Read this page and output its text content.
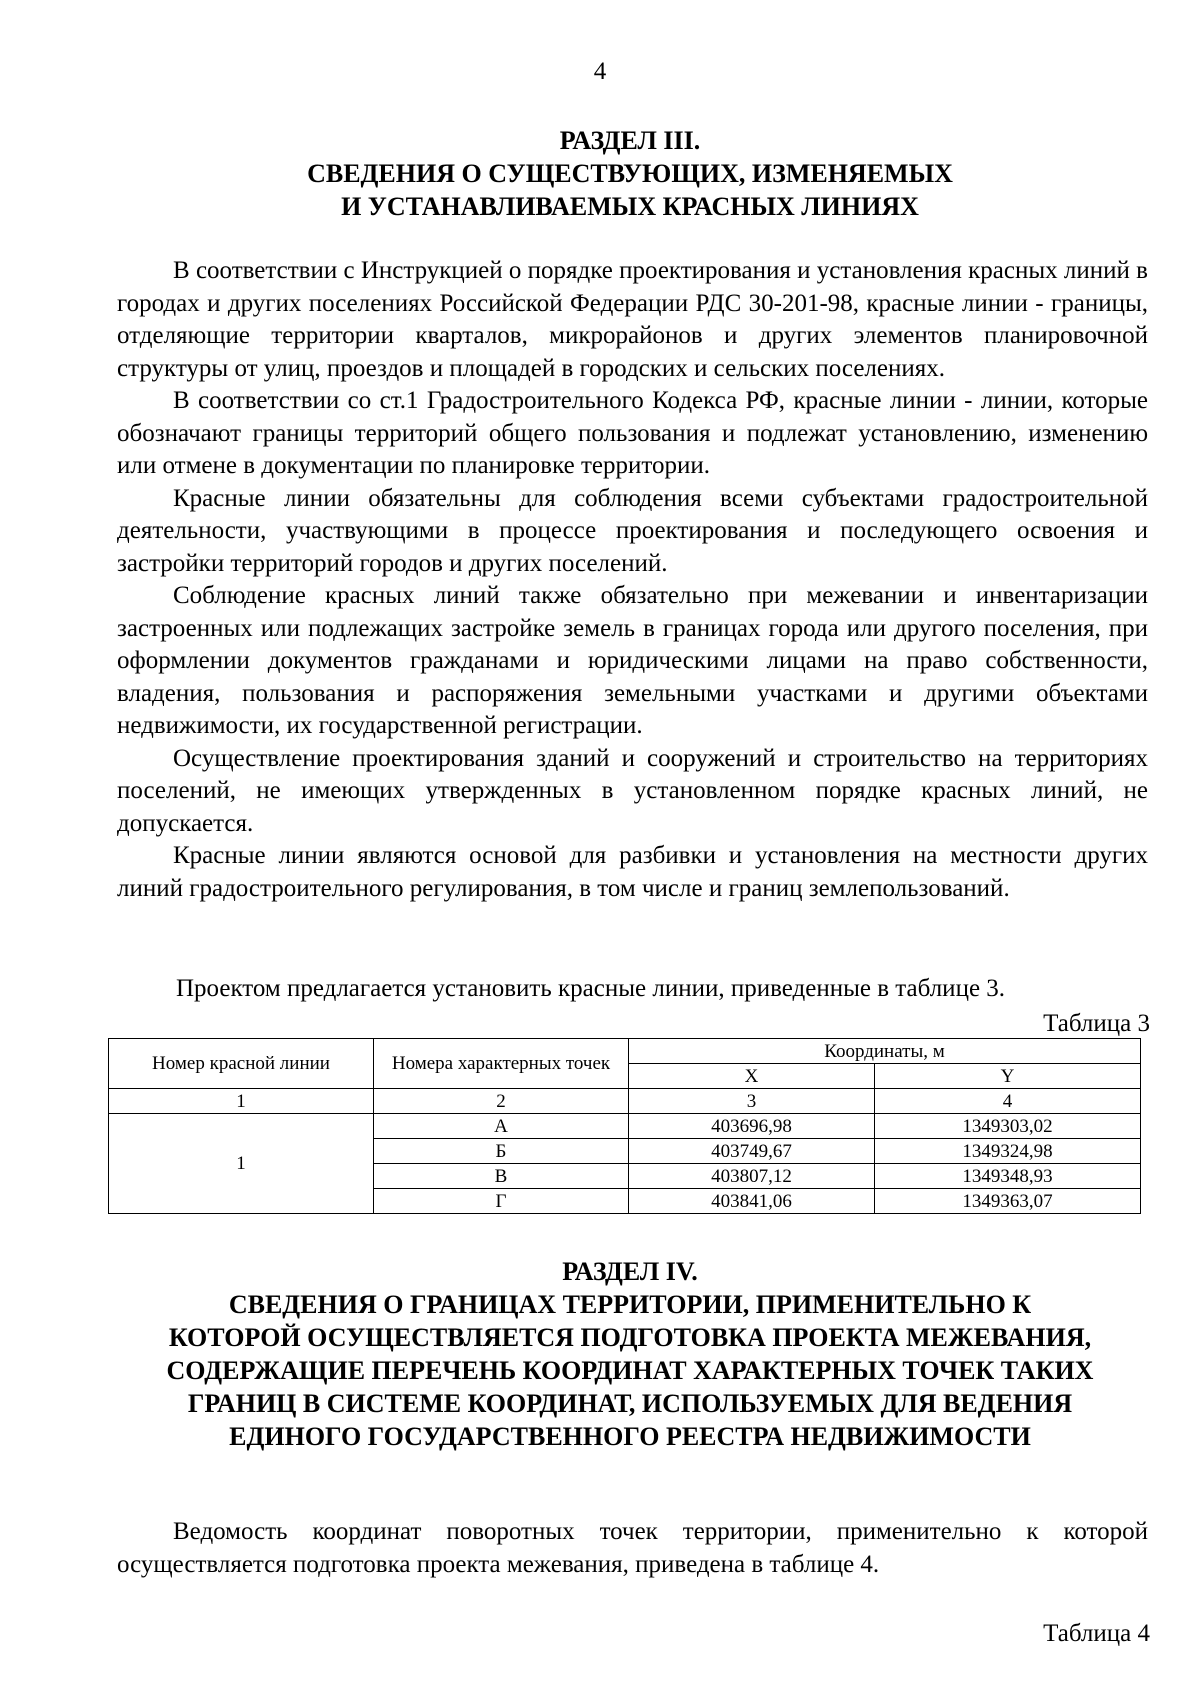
4
РАЗДЕЛ III.
СВЕДЕНИЯ О СУЩЕСТВУЮЩИХ, ИЗМЕНЯЕМЫХ
И УСТАНАВЛИВАЕМЫХ КРАСНЫХ ЛИНИЯХ

В соответствии с Инструкцией о порядке проектирования и установления красных линий в городах и других поселениях Российской Федерации РДС 30-201-98, красные линии - границы, отделяющие территории кварталов, микрорайонов и других элементов планировочной структуры от улиц, проездов и площадей в городских и сельских поселениях.

В соответствии со ст.1 Градостроительного Кодекса РФ, красные линии - линии, которые обозначают границы территорий общего пользования и подлежат установлению, изменению или отмене в документации по планировке территории.

Красные линии обязательны для соблюдения всеми субъектами градостроительной деятельности, участвующими в процессе проектирования и последующего освоения и застройки территорий городов и других поселений.

Соблюдение красных линий также обязательно при межевании и инвентаризации застроенных или подлежащих застройке земель в границах города или другого поселения, при оформлении документов гражданами и юридическими лицами на право собственности, владения, пользования и распоряжения земельными участками и другими объектами недвижимости, их государственной регистрации.

Осуществление проектирования зданий и сооружений и строительство на территориях поселений, не имеющих утвержденных в установленном порядке красных линий, не допускается.

Красные линии являются основой для разбивки и установления на местности других линий градостроительного регулирования, в том числе и границ землепользований.

Проектом предлагается установить красные линии, приведенные в таблице 3.
Таблица 3
Номер красной линии	Номера характерных точек	Координаты, м	
		X	Y
1	2	3	4
1	А	403696,98	1349303,02
	Б	403749,67	1349324,98
	В	403807,12	1349348,93
	Г	403841,06	1349363,07
РАЗДЕЛ IV.
СВЕДЕНИЯ О ГРАНИЦАХ ТЕРРИТОРИИ, ПРИМЕНИТЕЛЬНО К
КОТОРОЙ ОСУЩЕСТВЛЯЕТСЯ ПОДГОТОВКА ПРОЕКТА МЕЖЕВАНИЯ,
СОДЕРЖАЩИЕ ПЕРЕЧЕНЬ КООРДИНАТ ХАРАКТЕРНЫХ ТОЧЕК ТАКИХ
ГРАНИЦ В СИСТЕМЕ КООРДИНАТ, ИСПОЛЬЗУЕМЫХ ДЛЯ ВЕДЕНИЯ
ЕДИНОГО ГОСУДАРСТВЕННОГО РЕЕСТРА НЕДВИЖИМОСТИ

Ведомость координат поворотных точек территории, применительно к которой осуществляется подготовка проекта межевания, приведена в таблице 4.

Таблица 4
